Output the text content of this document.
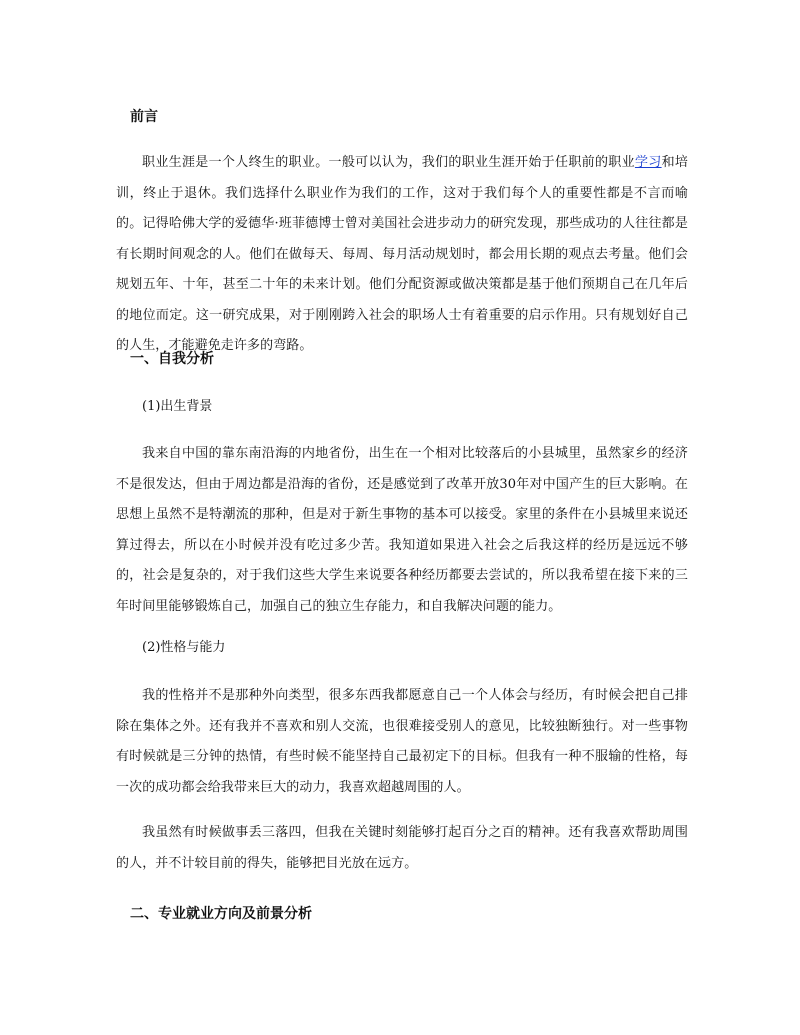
前言

职业生涯是一个人终生的职业。一般可以认为，我们的职业生涯开始于任职前的职业学习和培训，终止于退休。我们选择什么职业作为我们的工作，这对于我们每个人的重要性都是不言而喻的。记得哈佛大学的爱德华·班菲德博士曾对美国社会进步动力的研究发现，那些成功的人往往都是有长期时间观念的人。他们在做每天、每周、每月活动规划时，都会用长期的观点去考量。他们会规划五年、十年，甚至二十年的未来计划。他们分配资源或做决策都是基于他们预期自己在几年后的地位而定。这一研究成果，对于刚刚跨入社会的职场人士有着重要的启示作用。只有规划好自己的人生，才能避免走许多的弯路。

一、自我分析
(1)出生背景

我来自中国的靠东南沿海的内地省份，出生在一个相对比较落后的小县城里，虽然家乡的经济不是很发达，但由于周边都是沿海的省份，还是感觉到了改革开放30年对中国产生的巨大影响。在思想上虽然不是特潮流的那种，但是对于新生事物的基本可以接受。家里的条件在小县城里来说还算过得去，所以在小时候并没有吃过多少苦。我知道如果进入社会之后我这样的经历是远远不够的，社会是复杂的，对于我们这些大学生来说要各种经历都要去尝试的，所以我希望在接下来的三年时间里能够锻炼自己，加强自己的独立生存能力，和自我解决问题的能力。

(2)性格与能力

我的性格并不是那种外向类型，很多东西我都愿意自己一个人体会与经历，有时候会把自己排除在集体之外。还有我并不喜欢和别人交流，也很难接受别人的意见，比较独断独行。对一些事物有时候就是三分钟的热情，有些时候不能坚持自己最初定下的目标。但我有一种不服输的性格，每一次的成功都会给我带来巨大的动力，我喜欢超越周围的人。

我虽然有时候做事丢三落四，但我在关键时刻能够打起百分之百的精神。还有我喜欢帮助周围的人，并不计较目前的得失，能够把目光放在远方。

二、专业就业方向及前景分析
